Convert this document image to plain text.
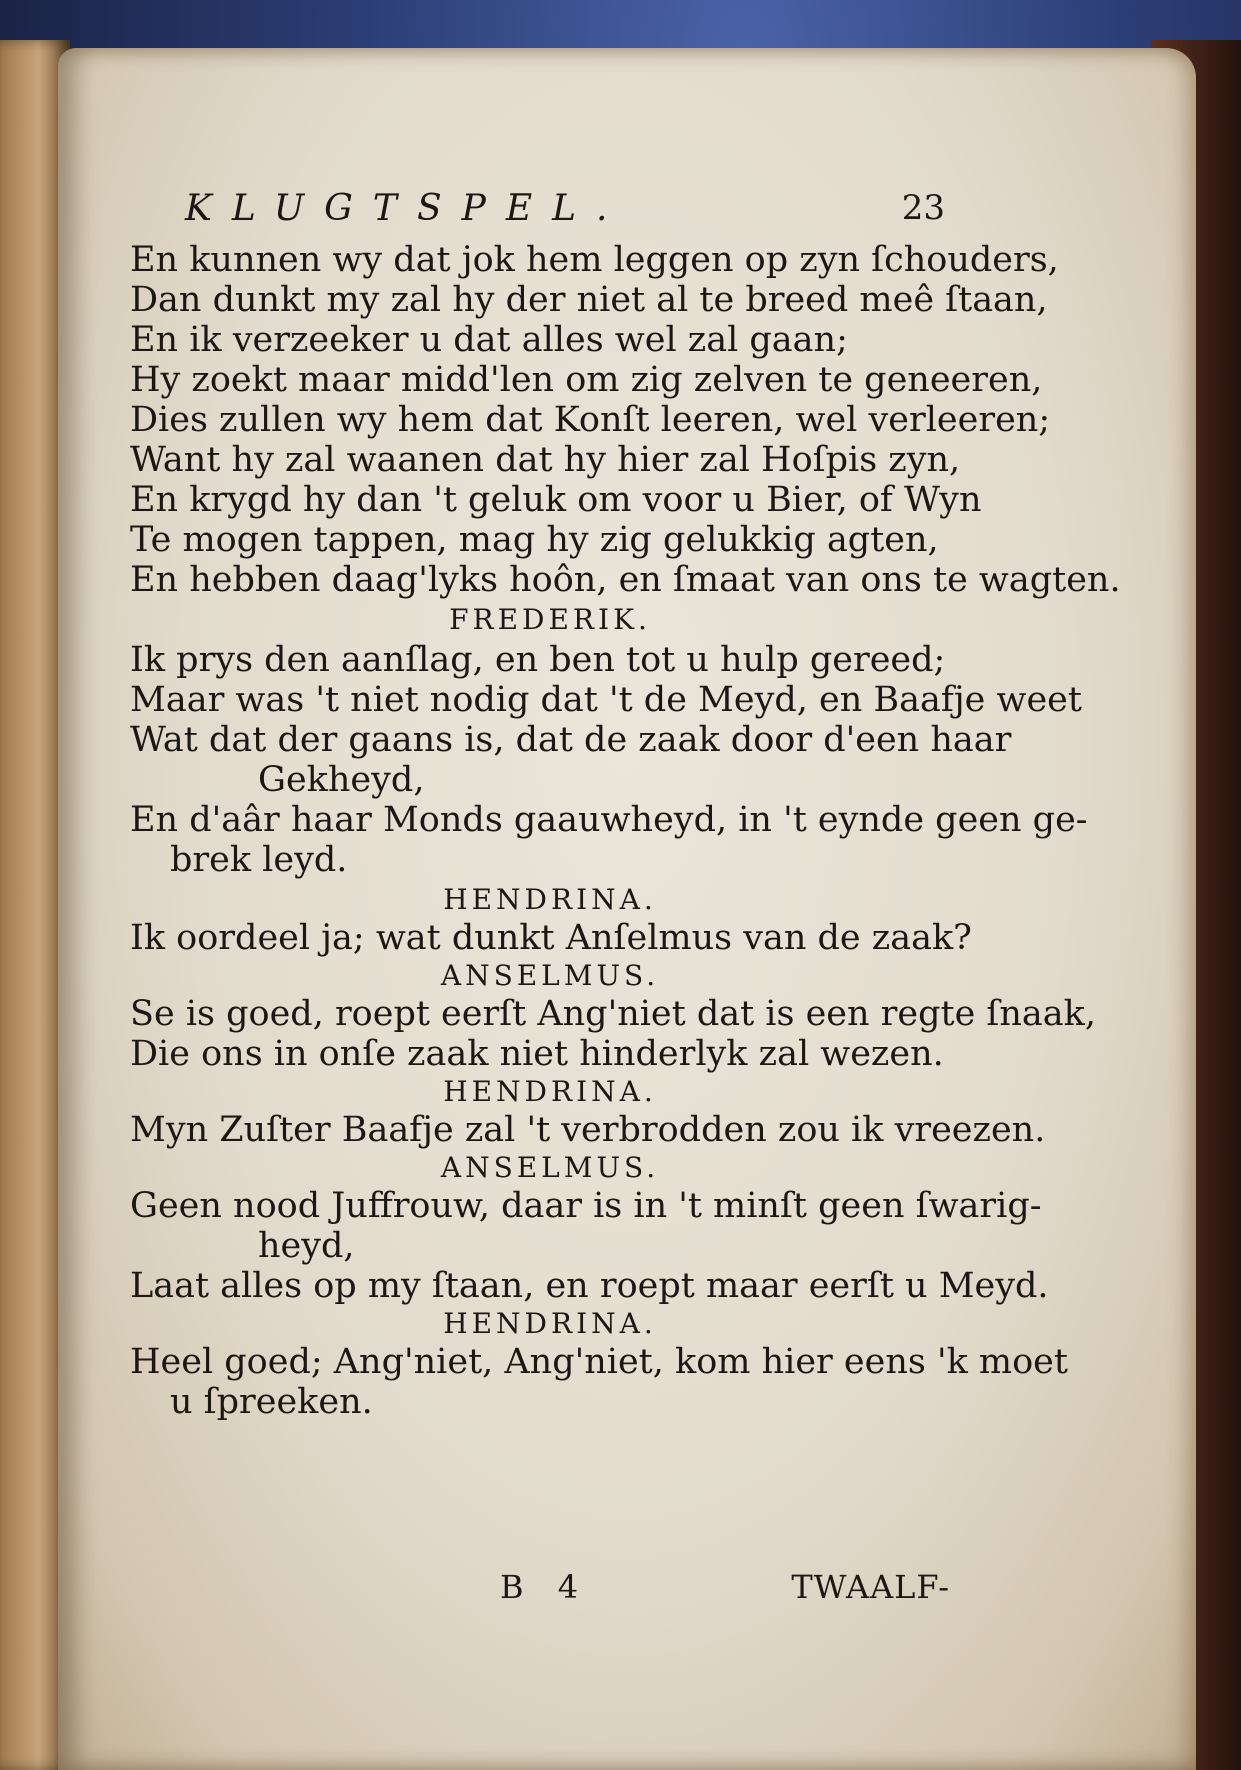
KLUGTSPEL.	23
En kunnen wy dat jok hem leggen op zyn ſchouders,
Dan dunkt my zal hy der niet al te breed meê ſtaan,
En ik verzeeker u dat alles wel zal gaan;
Hy zoekt maar midd'len om zig zelven te geneeren,
Dies zullen wy hem dat Konſt leeren, wel verleeren;
Want hy zal waanen dat hy hier zal Hoſpis zyn,
En krygd hy dan 't geluk om voor u Bier, of Wyn
Te mogen tappen, mag hy zig gelukkig agten,
En hebben daag'lyks hoôn, en ſmaat van ons te wagten.
FREDERIK.
Ik prys den aanſlag, en ben tot u hulp gereed;
Maar was 't niet nodig dat 't de Meyd, en Baafje weet
Wat dat der gaans is, dat de zaak door d'een haar
Gekheyd,
En d'aâr haar Monds gaauwheyd, in 't eynde geen ge-
brek leyd.
HENDRINA.
Ik oordeel ja; wat dunkt Anſelmus van de zaak?
ANSELMUS.
Se is goed, roept eerſt Ang'niet dat is een regte ſnaak,
Die ons in onſe zaak niet hinderlyk zal wezen.
HENDRINA.
Myn Zuſter Baafje zal 't verbrodden zou ik vreezen.
ANSELMUS.
Geen nood Juffrouw, daar is in 't minſt geen ſwarig-
heyd,
Laat alles op my ſtaan, en roept maar eerſt u Meyd.
HENDRINA.
Heel goed; Ang'niet, Ang'niet, kom hier eens 'k moet
u ſpreeken.
B 4	TWAALF-
